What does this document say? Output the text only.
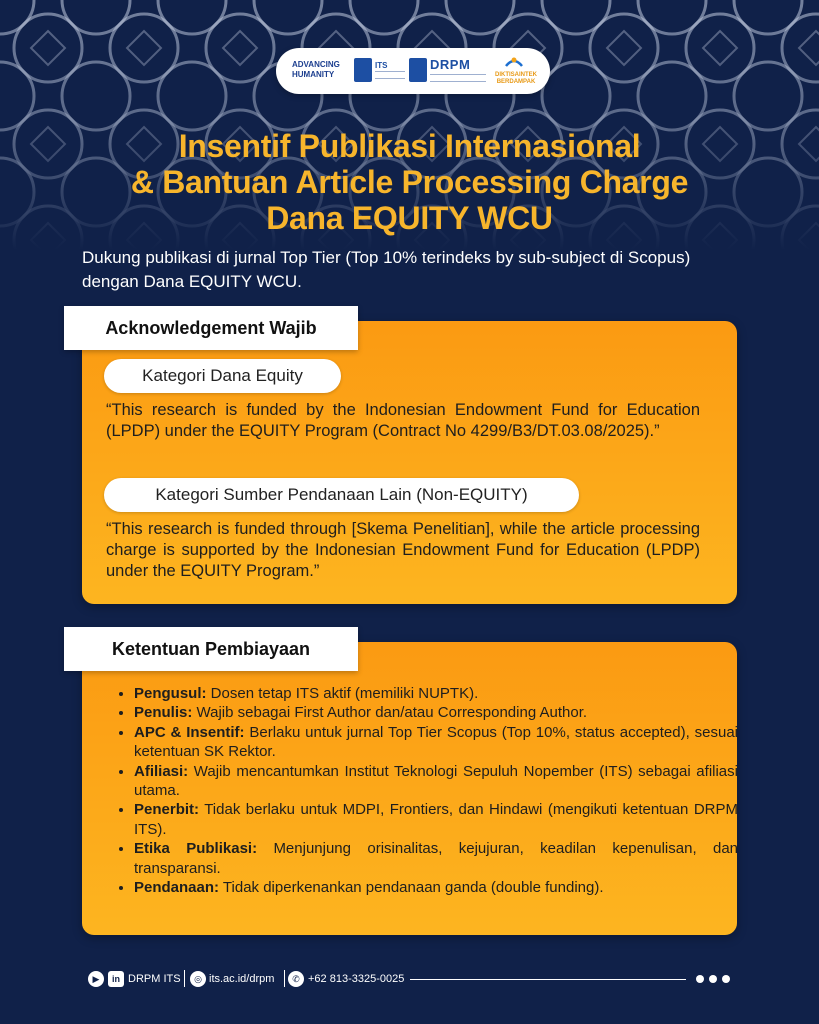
ADVANCING HUMANITY
ITS	DRPM
DIKTISAINTEK BERDAMPAK
Insentif Publikasi Internasional
& Bantuan Article Processing Charge
Dana EQUITY WCU
Dukung publikasi di jurnal Top Tier (Top 10% terindeks by sub-subject di Scopus) dengan Dana EQUITY WCU.
Acknowledgement Wajib
Kategori Dana Equity
“This research is funded by the Indonesian Endowment Fund for Education (LPDP) under the EQUITY Program (Contract No 4299/B3/DT.03.08/2025).”
Kategori Sumber Pendanaan Lain (Non-EQUITY)
“This research is funded through [Skema Penelitian], while the article processing charge is supported by the Indonesian Endowment Fund for Education (LPDP) under the EQUITY Program.”
Ketentuan Pembiayaan
• Pengusul: Dosen tetap ITS aktif (memiliki NUPTK).
• Penulis: Wajib sebagai First Author dan/atau Corresponding Author.
• APC & Insentif: Berlaku untuk jurnal Top Tier Scopus (Top 10%, status accepted), sesuai ketentuan SK Rektor.
• Afiliasi: Wajib mencantumkan Institut Teknologi Sepuluh Nopember (ITS) sebagai afiliasi utama.
• Penerbit: Tidak berlaku untuk MDPI, Frontiers, dan Hindawi (mengikuti ketentuan DRPM ITS).
• Etika Publikasi: Menjunjung orisinalitas, kejujuran, keadilan kepenulisan, dan transparansi.
• Pendanaan: Tidak diperkenankan pendanaan ganda (double funding).
▶	in DRPM ITS	◎ its.ac.id/drpm	✆ +62 813-3325-0025
